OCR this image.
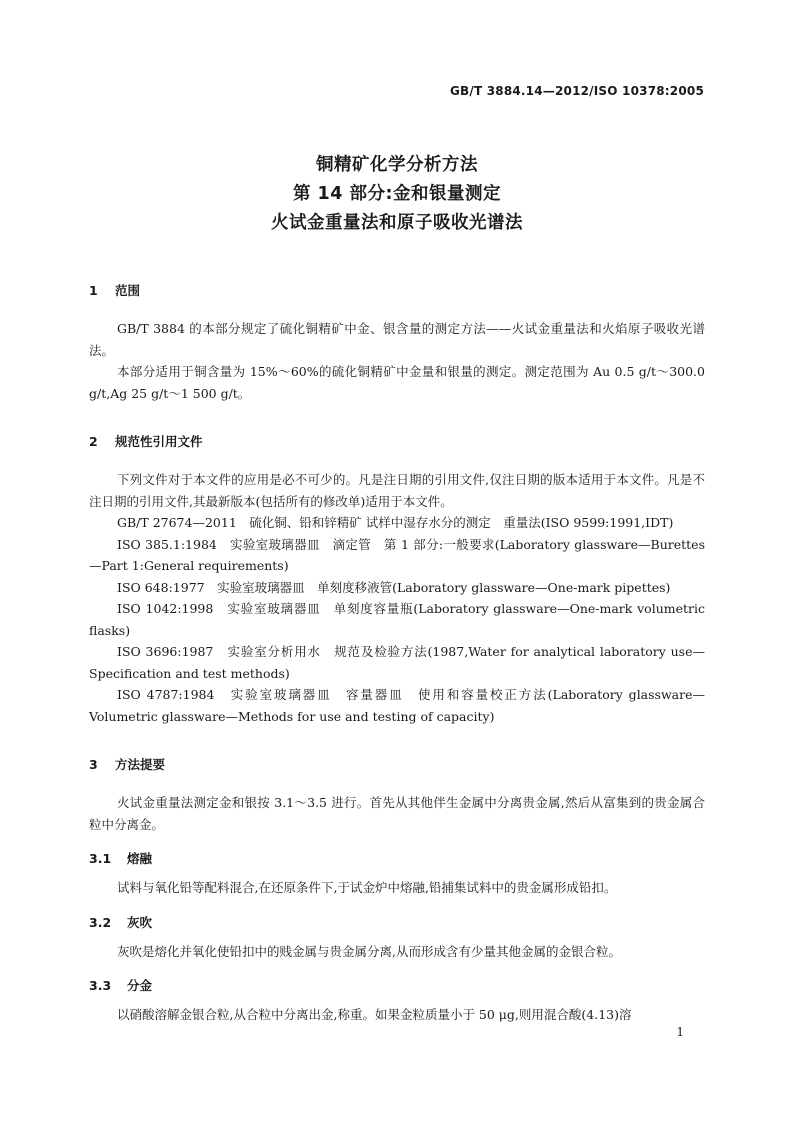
GB/T 3884.14—2012/ISO 10378:2005
铜精矿化学分析方法
第 14 部分:金和银量测定
火试金重量法和原子吸收光谱法
1 范围

GB/T 3884 的本部分规定了硫化铜精矿中金、银含量的测定方法——火试金重量法和火焰原子吸收光谱法。

本部分适用于铜含量为 15%～60%的硫化铜精矿中金量和银量的测定。测定范围为 Au 0.5 g/t～300.0 g/t,Ag 25 g/t～1 500 g/t。

2 规范性引用文件

下列文件对于本文件的应用是必不可少的。凡是注日期的引用文件,仅注日期的版本适用于本文件。凡是不注日期的引用文件,其最新版本(包括所有的修改单)适用于本文件。

GB/T 27674—2011　硫化铜、铅和锌精矿 试样中湿存水分的测定　重量法(ISO 9599:1991,IDT)

ISO 385.1:1984　实验室玻璃器皿　滴定管　第 1 部分:一般要求(Laboratory glassware—Burettes—Part 1:General requirements)

ISO 648:1977　实验室玻璃器皿　单刻度移液管(Laboratory glassware—One-mark pipettes)

ISO 1042:1998　实验室玻璃器皿　单刻度容量瓶(Laboratory glassware—One-mark volumetric flasks)

ISO 3696:1987　实验室分析用水　规范及检验方法(1987,Water for analytical laboratory use—Specification and test methods)

ISO 4787:1984　实验室玻璃器皿　容量器皿　使用和容量校正方法(Laboratory glassware—Volumetric glassware—Methods for use and testing of capacity)

3 方法提要

火试金重量法测定金和银按 3.1～3.5 进行。首先从其他伴生金属中分离贵金属,然后从富集到的贵金属合粒中分离金。

3.1 熔融

试料与氧化铅等配料混合,在还原条件下,于试金炉中熔融,铅捕集试料中的贵金属形成铅扣。

3.2 灰吹

灰吹是熔化并氧化使铅扣中的贱金属与贵金属分离,从而形成含有少量其他金属的金银合粒。

3.3 分金

以硝酸溶解金银合粒,从合粒中分离出金,称重。如果金粒质量小于 50 μg,则用混合酸(4.13)溶

1
